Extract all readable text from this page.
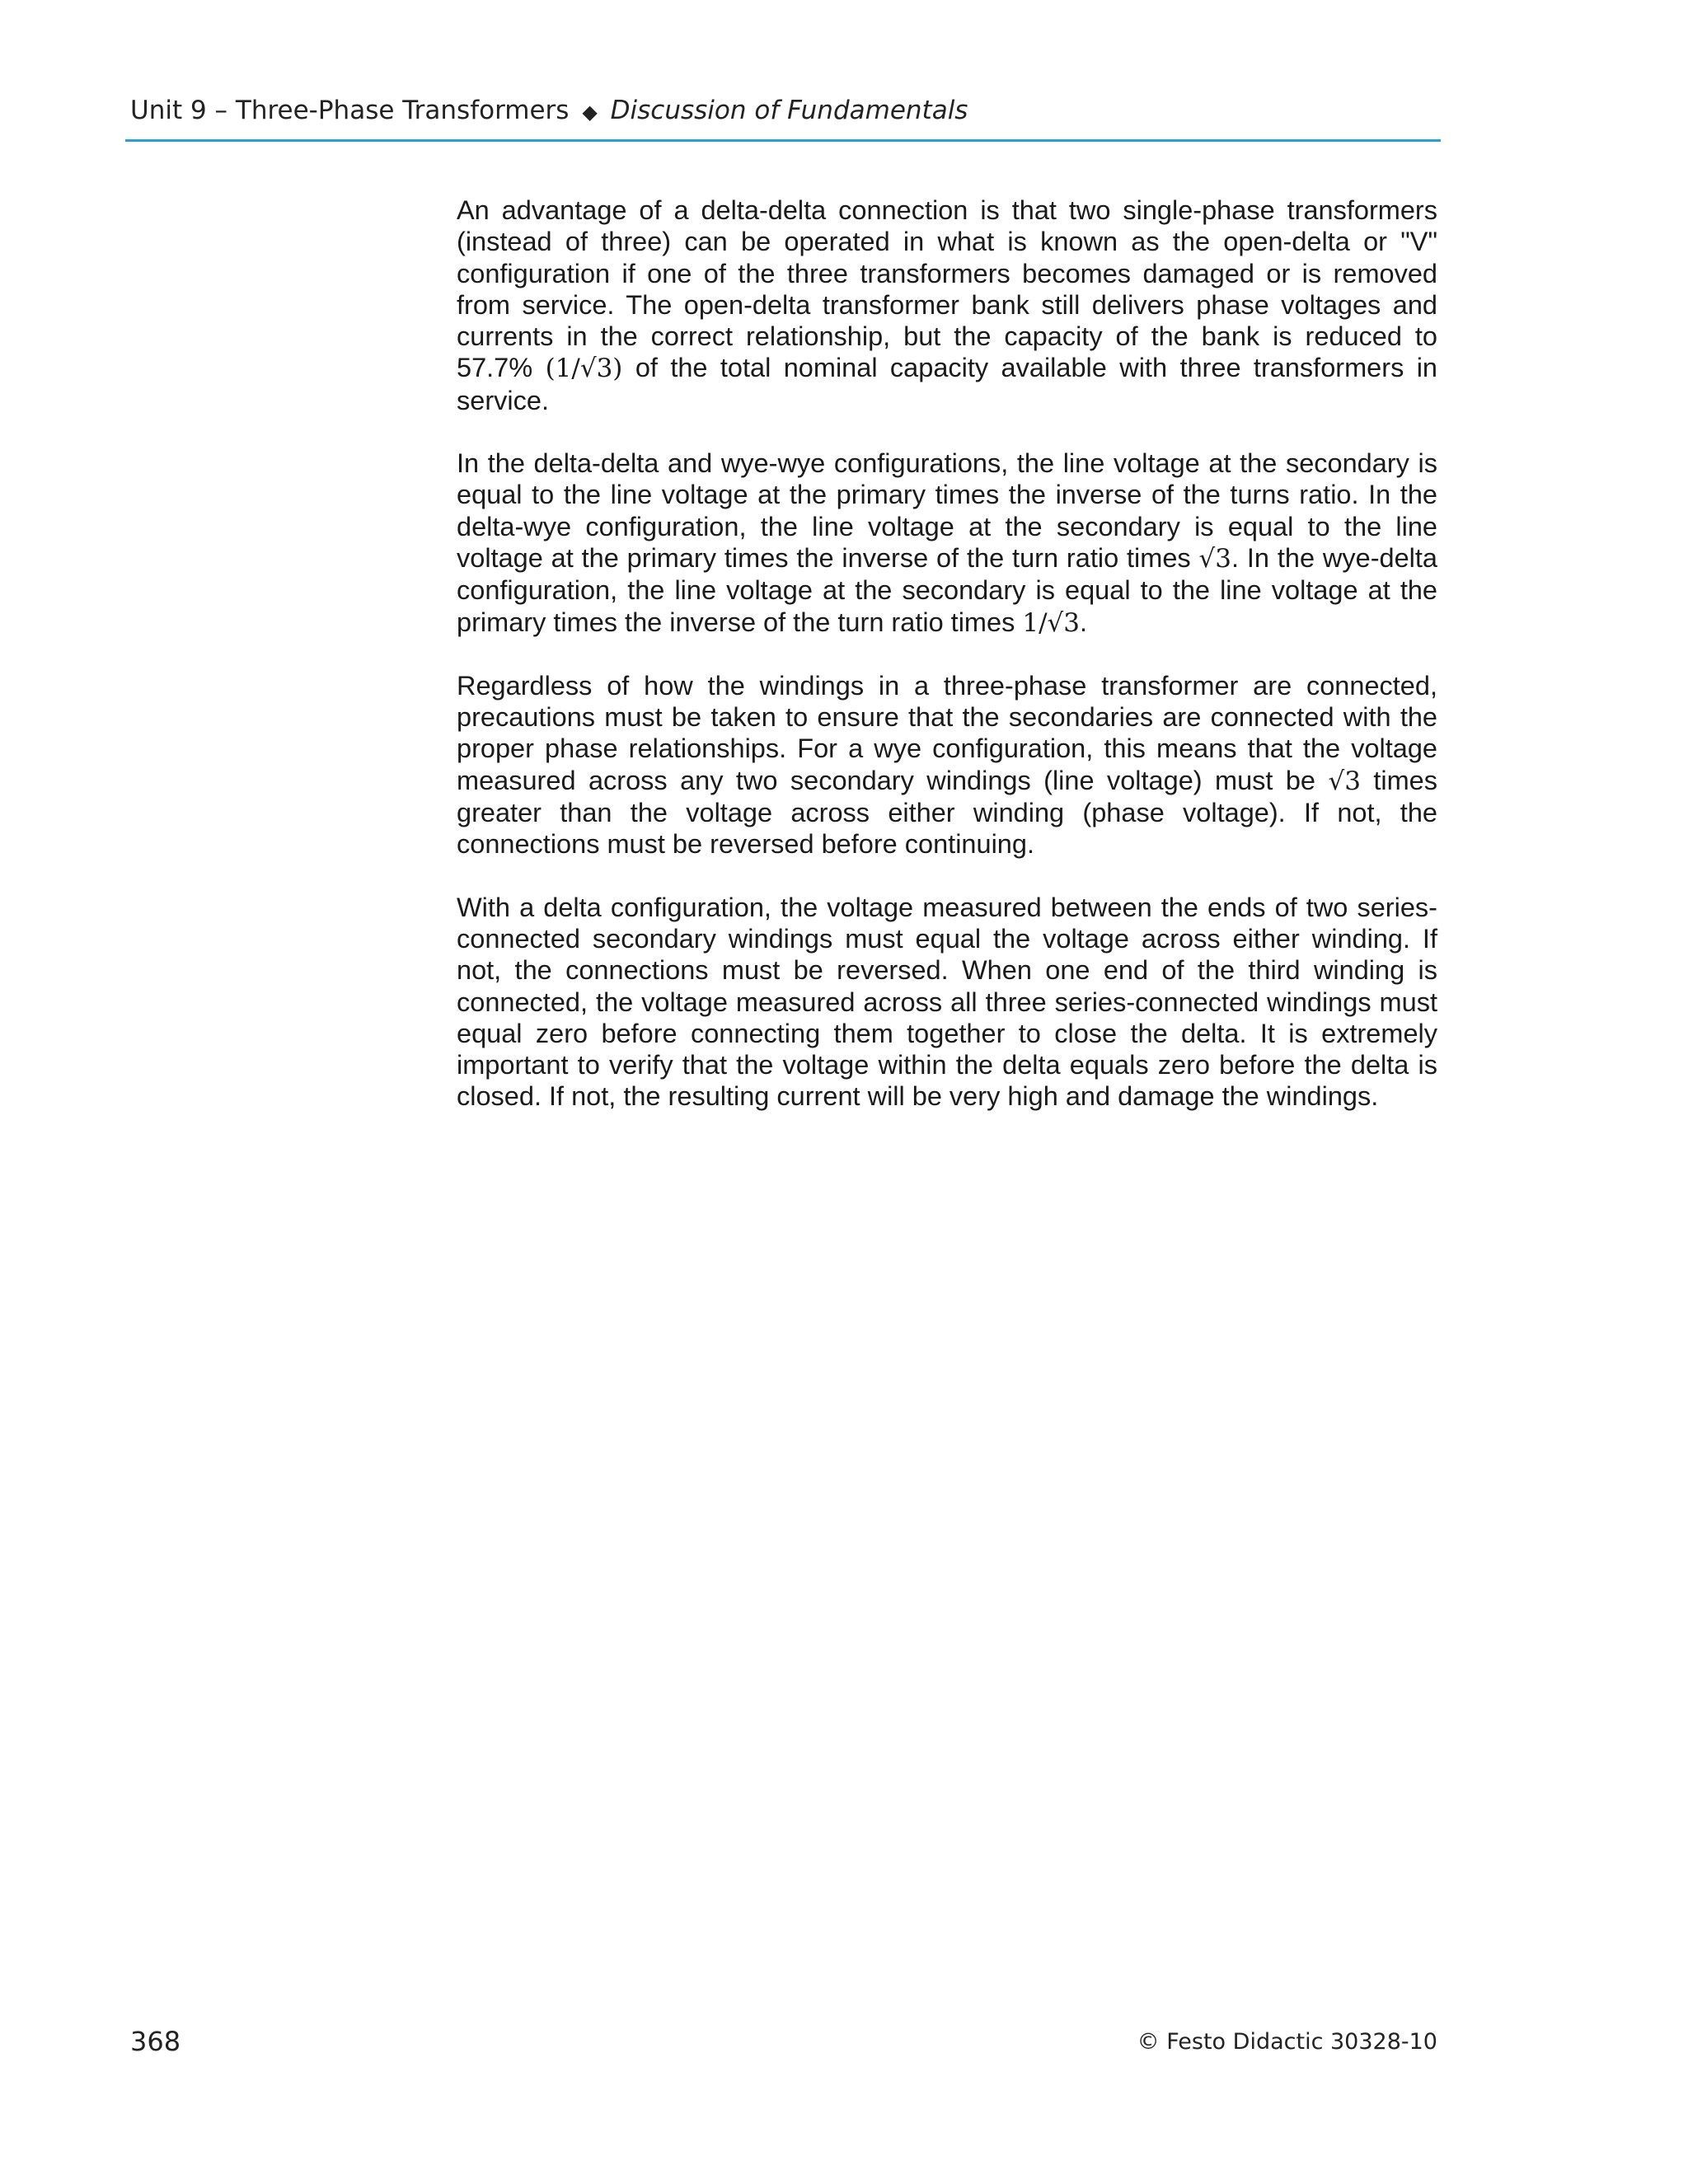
Unit 9 – Three-Phase Transformers ◆ Discussion of Fundamentals

An advantage of a delta-delta connection is that two single-phase transformers (instead of three) can be operated in what is known as the open-delta or "V" configuration if one of the three transformers becomes damaged or is removed from service. The open-delta transformer bank still delivers phase voltages and currents in the correct relationship, but the capacity of the bank is reduced to 57.7% (1/√3) of the total nominal capacity available with three transformers in service.

In the delta-delta and wye-wye configurations, the line voltage at the secondary is equal to the line voltage at the primary times the inverse of the turns ratio. In the delta-wye configuration, the line voltage at the secondary is equal to the line voltage at the primary times the inverse of the turn ratio times √3. In the wye-delta configuration, the line voltage at the secondary is equal to the line voltage at the primary times the inverse of the turn ratio times 1/√3.

Regardless of how the windings in a three-phase transformer are connected, precautions must be taken to ensure that the secondaries are connected with the proper phase relationships. For a wye configuration, this means that the voltage measured across any two secondary windings (line voltage) must be √3 times greater than the voltage across either winding (phase voltage). If not, the connections must be reversed before continuing.

With a delta configuration, the voltage measured between the ends of two series-connected secondary windings must equal the voltage across either winding. If not, the connections must be reversed. When one end of the third winding is connected, the voltage measured across all three series-connected windings must equal zero before connecting them together to close the delta. It is extremely important to verify that the voltage within the delta equals zero before the delta is closed. If not, the resulting current will be very high and damage the windings.

368	© Festo Didactic 30328-10
